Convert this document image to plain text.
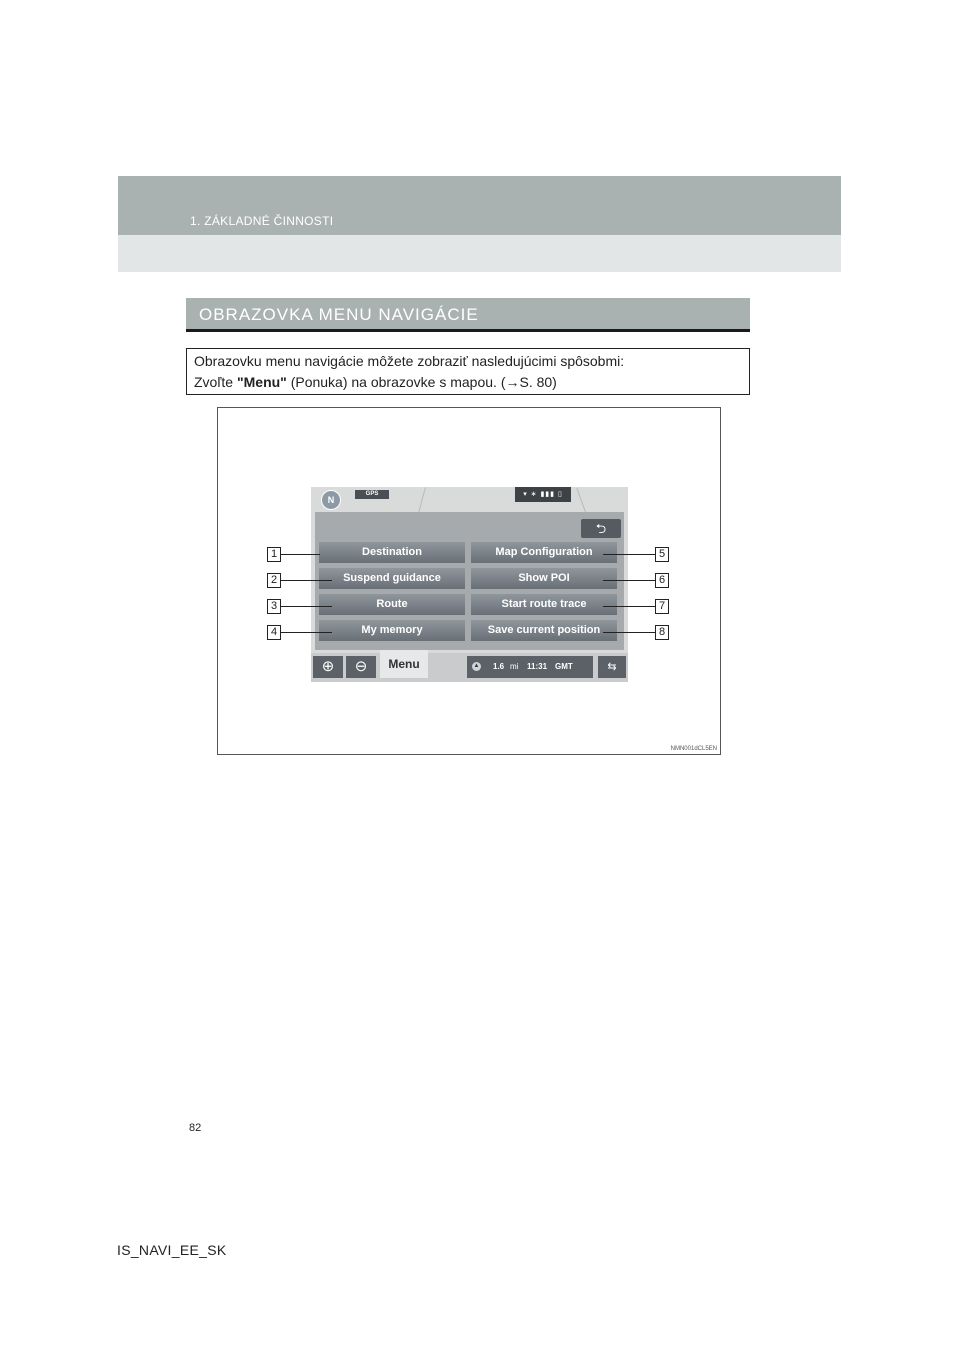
1. ZÁKLADNÉ ČINNOSTI
OBRAZOVKA MENU NAVIGÁCIE
Obrazovku menu navigácie môžete zobraziť nasledujúcimi spôsobmi:
Zvoľte "Menu" (Ponuka) na obrazovke s mapou. (→S. 80)
N
GPS	▾ ∗ ▮▮▮ ▯
⮌
Destination
Suspend guidance
Route
My memory
Map Configuration
Show POI
Start route trace
Save current position
⊕	⊖	Menu	▲ 1.6 mi 11:31 GMT	⇆
1
2
3
4
5
6
7
8
NMN001dCL5EN
82
IS_NAVI_EE_SK
